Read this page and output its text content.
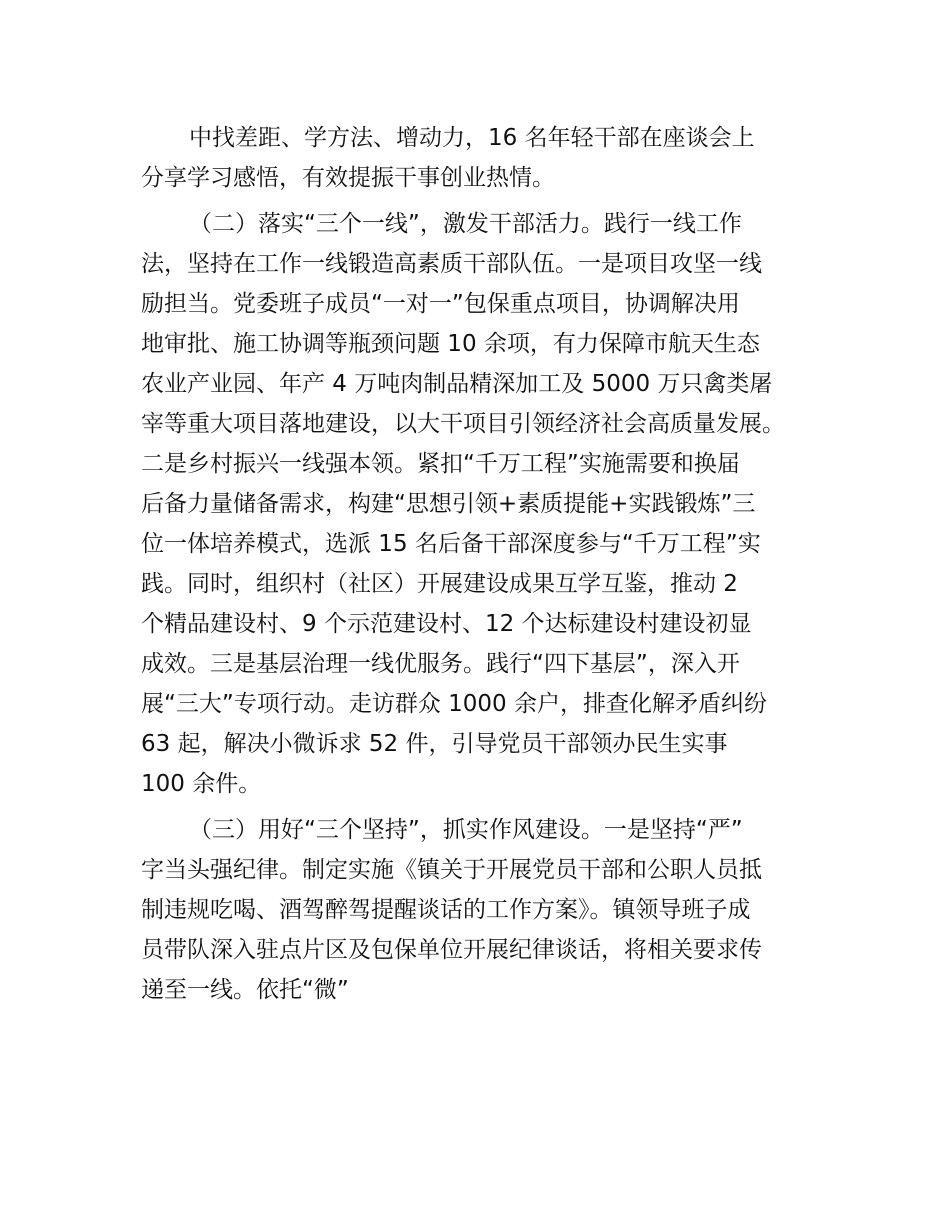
中找差距、学方法、增动力，16 名年轻干部在座谈会上
分享学习感悟，有效提振干事创业热情。
（二）落实“三个一线”，激发干部活力。践行一线工作
法，坚持在工作一线锻造高素质干部队伍。一是项目攻坚一线
励担当。党委班子成员“一对一”包保重点项目，协调解决用
地审批、施工协调等瓶颈问题 10 余项，有力保障市航天生态
农业产业园、年产 4 万吨肉制品精深加工及 5000 万只禽类屠
宰等重大项目落地建设，以大干项目引领经济社会高质量发展。
二是乡村振兴一线强本领。紧扣“千万工程”实施需要和换届
后备力量储备需求，构建“思想引领+素质提能+实践锻炼”三
位一体培养模式，选派 15 名后备干部深度参与“千万工程”实
践。同时，组织村（社区）开展建设成果互学互鉴，推动 2
个精品建设村、9 个示范建设村、12 个达标建设村建设初显
成效。三是基层治理一线优服务。践行“四下基层”，深入开
展“三大”专项行动。走访群众 1000 余户，排查化解矛盾纠纷
63 起，解决小微诉求 52 件，引导党员干部领办民生实事
100 余件。
（三）用好“三个坚持”，抓实作风建设。一是坚持“严”
字当头强纪律。制定实施《镇关于开展党员干部和公职人员抵
制违规吃喝、酒驾醉驾提醒谈话的工作方案》。镇领导班子成
员带队深入驻点片区及包保单位开展纪律谈话，将相关要求传
递至一线。依托“微”
